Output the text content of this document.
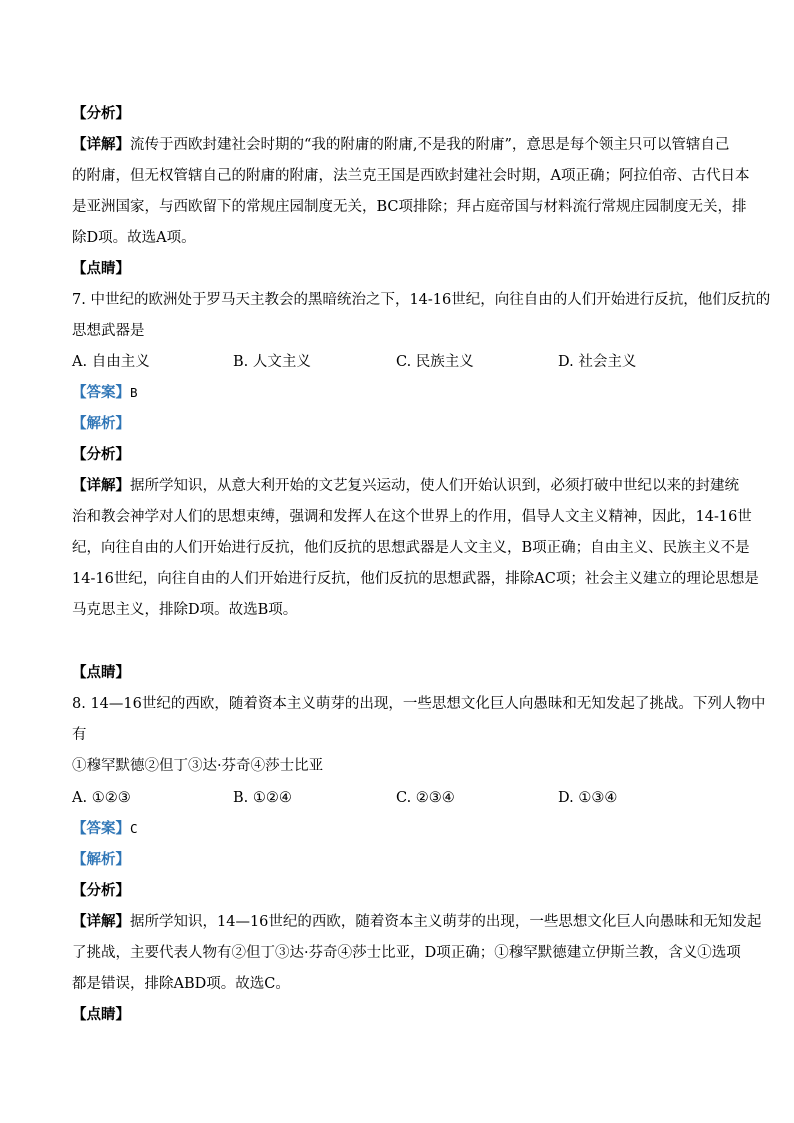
【分析】
【详解】流传于西欧封建社会时期的“我的附庸的附庸,不是我的附庸”，意思是每个领主只可以管辖自己
的附庸，但无权管辖自己的附庸的附庸，法兰克王国是西欧封建社会时期，A项正确；阿拉伯帝、古代日本
是亚洲国家，与西欧留下的常规庄园制度无关，BC项排除；拜占庭帝国与材料流行常规庄园制度无关，排
除D项。故选A项。
【点睛】
7. 中世纪的欧洲处于罗马天主教会的黑暗统治之下，14-16世纪，向往自由的人们开始进行反抗，他们反抗的
思想武器是
A. 自由主义	B. 人文主义	C. 民族主义	D. 社会主义
【答案】B
【解析】
【分析】
【详解】据所学知识，从意大利开始的文艺复兴运动，使人们开始认识到，必须打破中世纪以来的封建统
治和教会神学对人们的思想束缚，强调和发挥人在这个世界上的作用，倡导人文主义精神，因此，14-16世
纪，向往自由的人们开始进行反抗，他们反抗的思想武器是人文主义，B项正确；自由主义、民族主义不是
14-16世纪，向往自由的人们开始进行反抗，他们反抗的思想武器，排除AC项；社会主义建立的理论思想是
马克思主义，排除D项。故选B项。
【点睛】
8. 14—16世纪的西欧，随着资本主义萌芽的出现，一些思想文化巨人向愚昧和无知发起了挑战。下列人物中
有
①穆罕默德②但丁③达·芬奇④莎士比亚
A. ①②③	B. ①②④	C. ②③④	D. ①③④
【答案】C
【解析】
【分析】
【详解】据所学知识，14—16世纪的西欧，随着资本主义萌芽的出现，一些思想文化巨人向愚昧和无知发起
了挑战，主要代表人物有②但丁③达·芬奇④莎士比亚，D项正确；①穆罕默德建立伊斯兰教，含义①选项
都是错误，排除ABD项。故选C。
【点睛】
